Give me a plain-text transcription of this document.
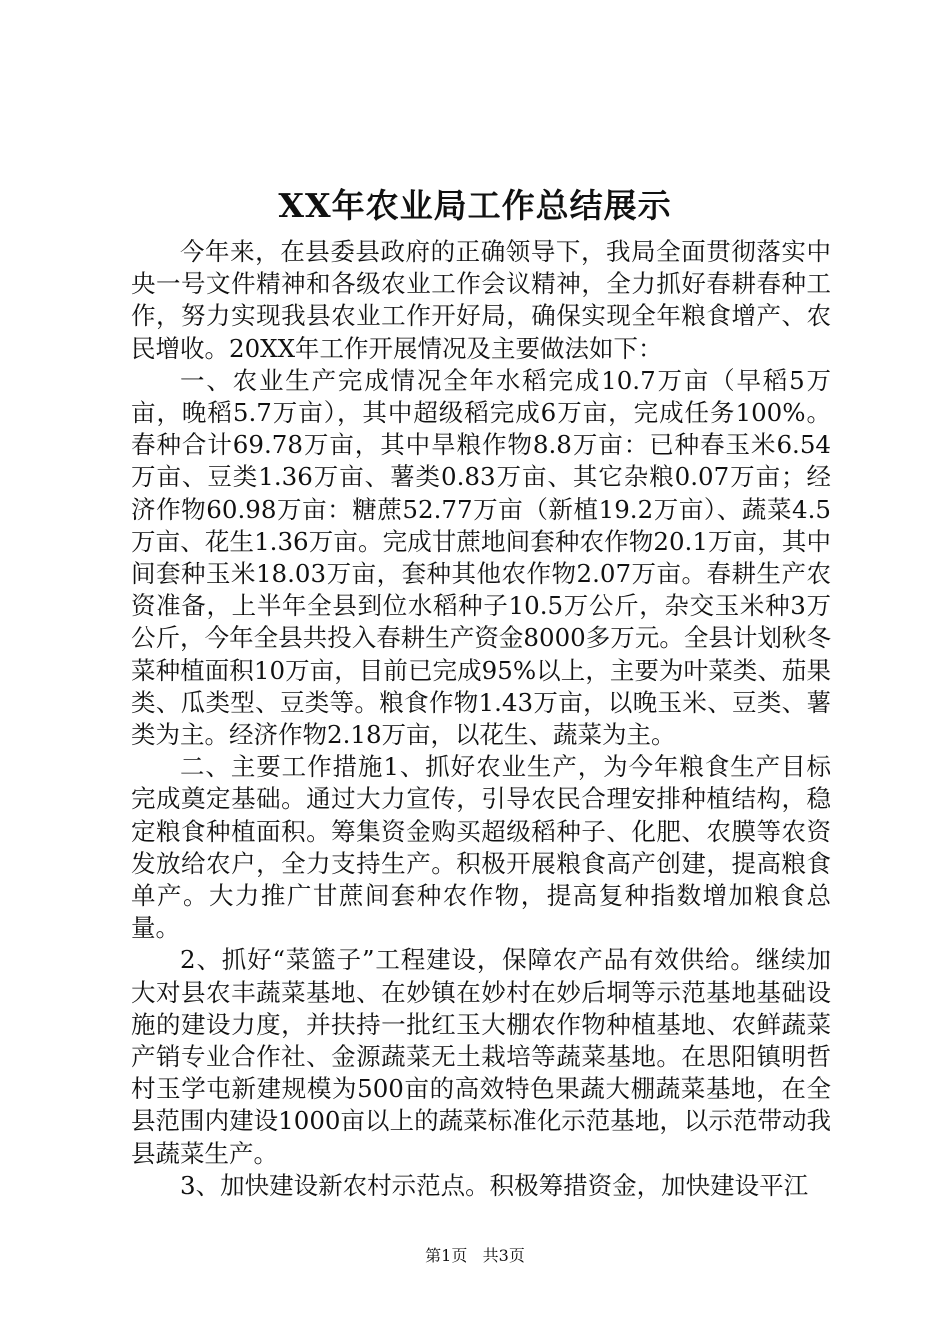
XX年农业局工作总结展示

今年来，在县委县政府的正确领导下，我局全面贯彻落实中央一号文件精神和各级农业工作会议精神，全力抓好春耕春种工作，努力实现我县农业工作开好局，确保实现全年粮食增产、农民增收。20XX年工作开展情况及主要做法如下：

一、农业生产完成情况全年水稻完成10.7万亩（早稻5万亩，晚稻5.7万亩），其中超级稻完成6万亩，完成任务100%。春种合计69.78万亩，其中旱粮作物8.8万亩：已种春玉米6.54万亩、豆类1.36万亩、薯类0.83万亩、其它杂粮0.07万亩；经济作物60.98万亩：糖蔗52.77万亩（新植19.2万亩）、蔬菜4.5万亩、花生1.36万亩。完成甘蔗地间套种农作物20.1万亩，其中间套种玉米18.03万亩，套种其他农作物2.07万亩。春耕生产农资准备，上半年全县到位水稻种子10.5万公斤，杂交玉米种3万公斤，今年全县共投入春耕生产资金8000多万元。全县计划秋冬菜种植面积10万亩，目前已完成95%以上，主要为叶菜类、茄果类、瓜类型、豆类等。粮食作物1.43万亩，以晚玉米、豆类、薯类为主。经济作物2.18万亩，以花生、蔬菜为主。

二、主要工作措施1、抓好农业生产，为今年粮食生产目标完成奠定基础。通过大力宣传，引导农民合理安排种植结构，稳定粮食种植面积。筹集资金购买超级稻种子、化肥、农膜等农资发放给农户，全力支持生产。积极开展粮食高产创建，提高粮食单产。大力推广甘蔗间套种农作物，提高复种指数增加粮食总量。

2、抓好“菜篮子”工程建设，保障农产品有效供给。继续加大对县农丰蔬菜基地、在妙镇在妙村在妙后垌等示范基地基础设施的建设力度，并扶持一批红玉大棚农作物种植基地、农鲜蔬菜产销专业合作社、金源蔬菜无土栽培等蔬菜基地。在思阳镇明哲村玉学屯新建规模为500亩的高效特色果蔬大棚蔬菜基地，在全县范围内建设1000亩以上的蔬菜标准化示范基地，以示范带动我县蔬菜生产。

3、加快建设新农村示范点。积极筹措资金，加快建设平江

第1页 共3页
